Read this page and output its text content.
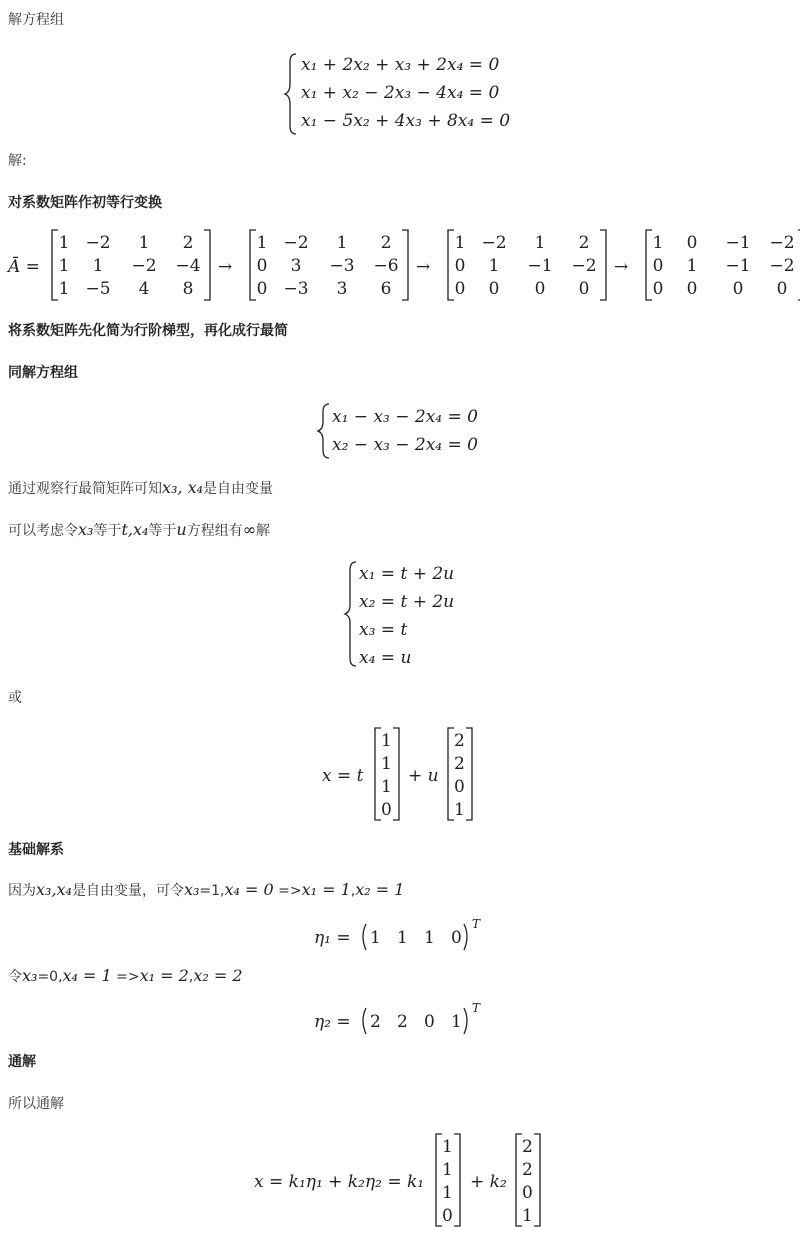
解方程组

x₁ + 2x₂ + x₃ + 2x₄ = 0
x₁ + x₂ − 2x₃ − 4x₄ = 0
x₁ − 5x₂ + 4x₃ + 8x₄ = 0

解:

对系数矩阵作初等行变换

Ā =
1 −2 1 2
1 1 −2 −4
1 −5 4 8
→
1 −2 1 2
0 3 −3 −6
0 −3 3 6
→
1 −2 1 2
0 1 −1 −2
0 0 0 0
→
1 0 −1 −2
0 1 −1 −2
0 0 0 0

将系数矩阵先化简为行阶梯型，再化成行最简

同解方程组

x₁ − x₃ − 2x₄ = 0
x₂ − x₃ − 2x₄ = 0

通过观察行最简矩阵可知x₃, x₄是自由变量

可以考虑令x₃等于t,x₄等于u方程组有∞解

x₁ = t + 2u
x₂ = t + 2u
x₃ = t
x₄ = u

或

x = t
1
1
1
0
+ u
2
2
0
1

基础解系

因为x₃,x₄是自由变量，可令x₃=1,x₄ = 0 =>x₁ = 1,x₂ = 1

η₁ = 1 1 1 0
T

令x₃=0,x₄ = 1 =>x₁ = 2,x₂ = 2

η₂ = 2 2 0 1
T

通解

所以通解

x = k₁η₁ + k₂η₂ = k₁
1
1
1
0
+ k₂
2
2
0
1
